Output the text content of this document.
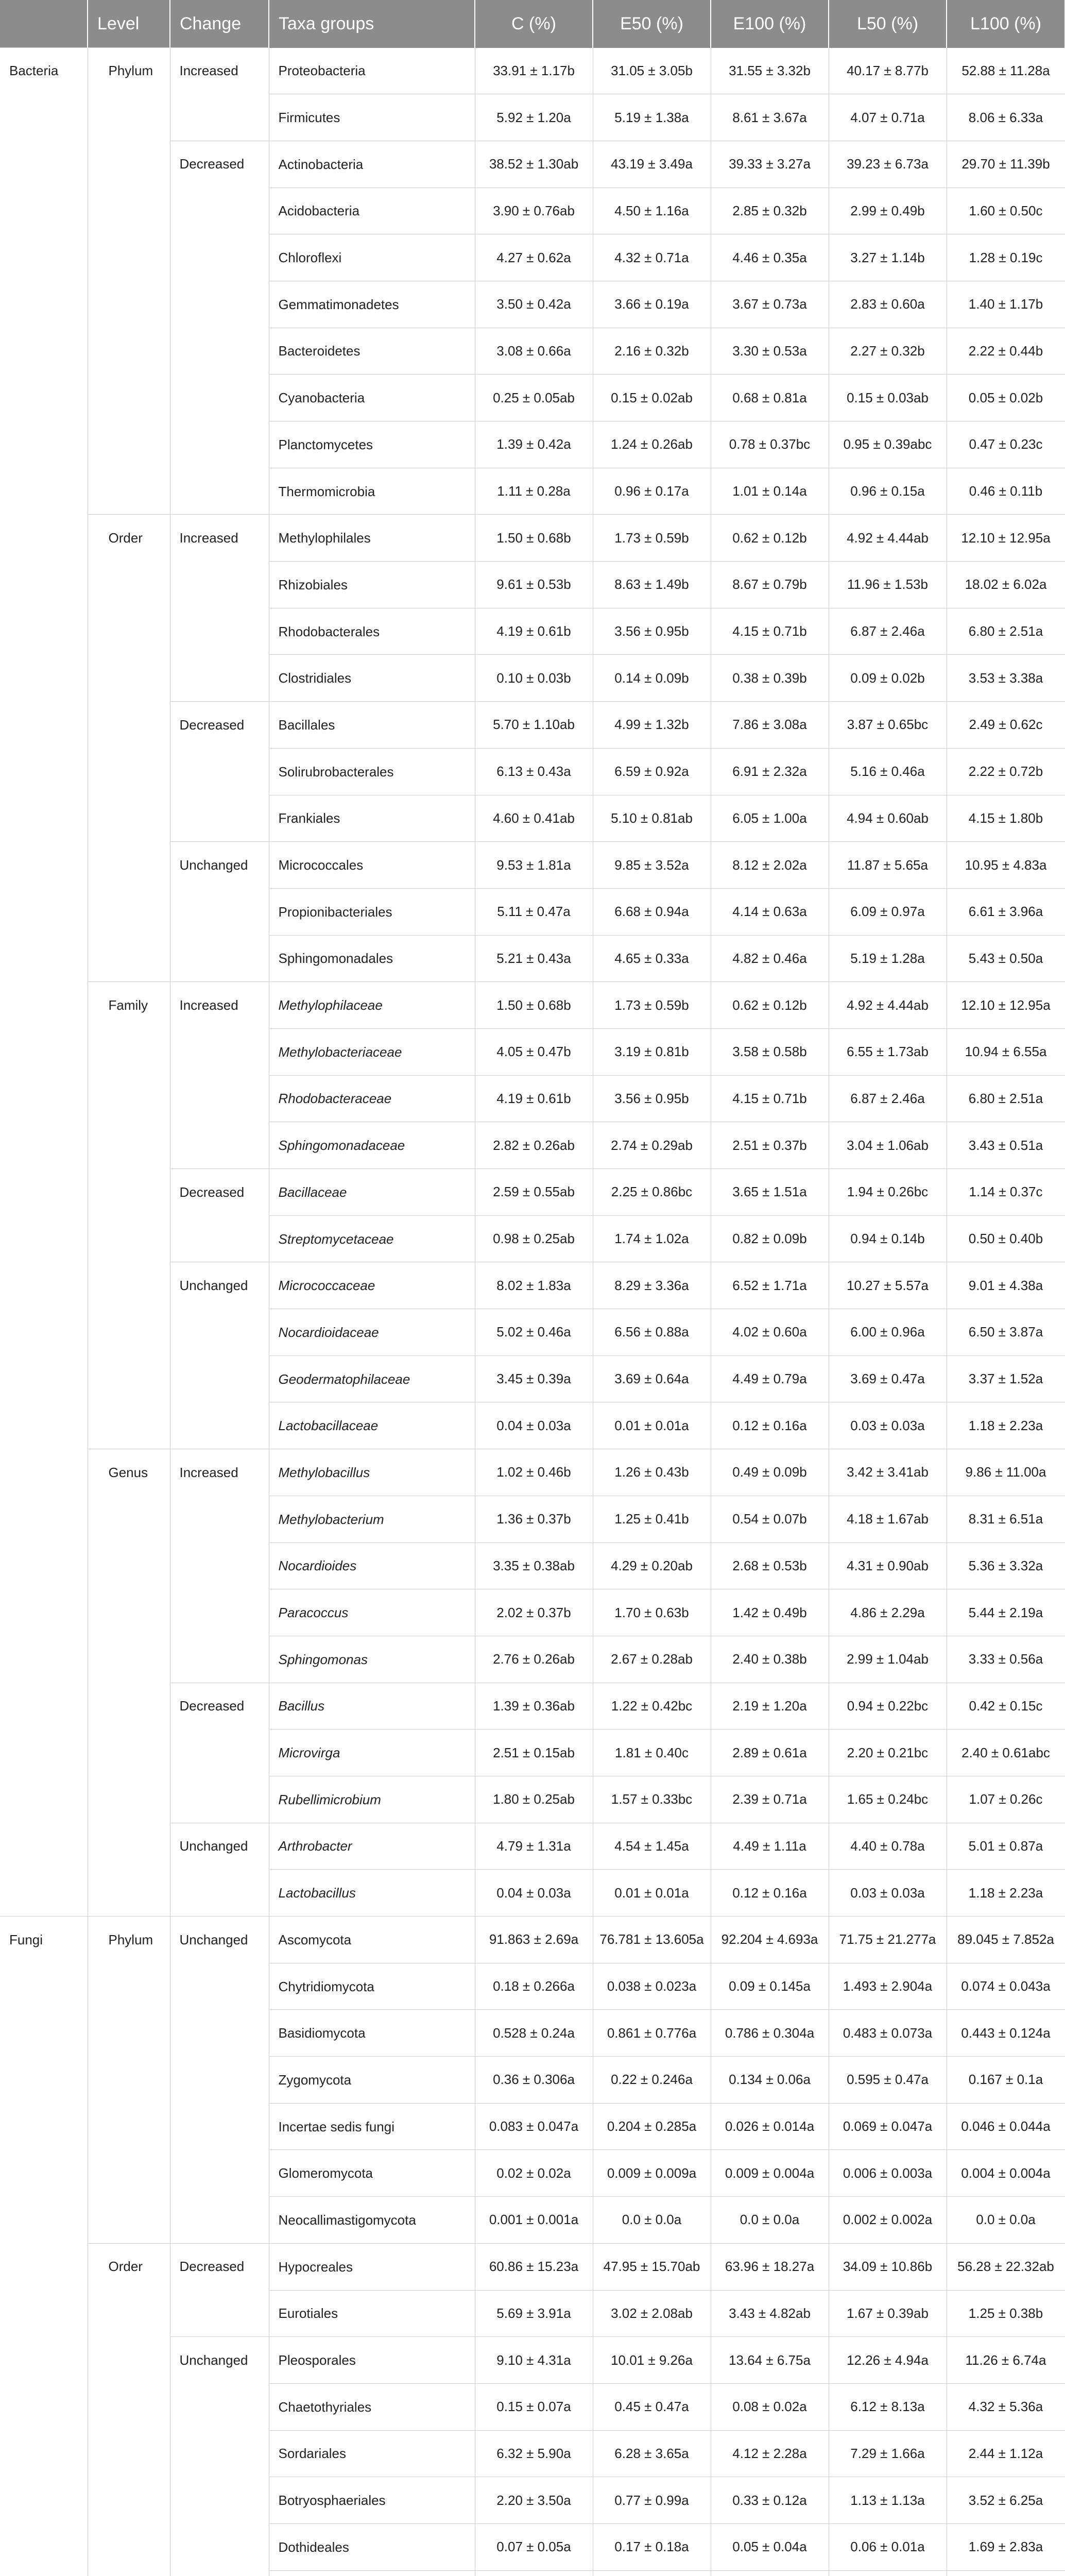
	Level	Change	Taxa groups	C (%)	E50 (%)	E100 (%)	L50 (%)	L100 (%)
Bacteria	Phylum	Increased	Proteobacteria	33.91 ± 1.17b	31.05 ± 3.05b	31.55 ± 3.32b	40.17 ± 8.77b	52.88 ± 11.28a
			Firmicutes	5.92 ± 1.20a	5.19 ± 1.38a	8.61 ± 3.67a	4.07 ± 0.71a	8.06 ± 6.33a
		Decreased	Actinobacteria	38.52 ± 1.30ab	43.19 ± 3.49a	39.33 ± 3.27a	39.23 ± 6.73a	29.70 ± 11.39b
			Acidobacteria	3.90 ± 0.76ab	4.50 ± 1.16a	2.85 ± 0.32b	2.99 ± 0.49b	1.60 ± 0.50c
			Chloroflexi	4.27 ± 0.62a	4.32 ± 0.71a	4.46 ± 0.35a	3.27 ± 1.14b	1.28 ± 0.19c
			Gemmatimonadetes	3.50 ± 0.42a	3.66 ± 0.19a	3.67 ± 0.73a	2.83 ± 0.60a	1.40 ± 1.17b
			Bacteroidetes	3.08 ± 0.66a	2.16 ± 0.32b	3.30 ± 0.53a	2.27 ± 0.32b	2.22 ± 0.44b
			Cyanobacteria	0.25 ± 0.05ab	0.15 ± 0.02ab	0.68 ± 0.81a	0.15 ± 0.03ab	0.05 ± 0.02b
			Planctomycetes	1.39 ± 0.42a	1.24 ± 0.26ab	0.78 ± 0.37bc	0.95 ± 0.39abc	0.47 ± 0.23c
			Thermomicrobia	1.11 ± 0.28a	0.96 ± 0.17a	1.01 ± 0.14a	0.96 ± 0.15a	0.46 ± 0.11b
	Order	Increased	Methylophilales	1.50 ± 0.68b	1.73 ± 0.59b	0.62 ± 0.12b	4.92 ± 4.44ab	12.10 ± 12.95a
			Rhizobiales	9.61 ± 0.53b	8.63 ± 1.49b	8.67 ± 0.79b	11.96 ± 1.53b	18.02 ± 6.02a
			Rhodobacterales	4.19 ± 0.61b	3.56 ± 0.95b	4.15 ± 0.71b	6.87 ± 2.46a	6.80 ± 2.51a
			Clostridiales	0.10 ± 0.03b	0.14 ± 0.09b	0.38 ± 0.39b	0.09 ± 0.02b	3.53 ± 3.38a
		Decreased	Bacillales	5.70 ± 1.10ab	4.99 ± 1.32b	7.86 ± 3.08a	3.87 ± 0.65bc	2.49 ± 0.62c
			Solirubrobacterales	6.13 ± 0.43a	6.59 ± 0.92a	6.91 ± 2.32a	5.16 ± 0.46a	2.22 ± 0.72b
			Frankiales	4.60 ± 0.41ab	5.10 ± 0.81ab	6.05 ± 1.00a	4.94 ± 0.60ab	4.15 ± 1.80b
		Unchanged	Micrococcales	9.53 ± 1.81a	9.85 ± 3.52a	8.12 ± 2.02a	11.87 ± 5.65a	10.95 ± 4.83a
			Propionibacteriales	5.11 ± 0.47a	6.68 ± 0.94a	4.14 ± 0.63a	6.09 ± 0.97a	6.61 ± 3.96a
			Sphingomonadales	5.21 ± 0.43a	4.65 ± 0.33a	4.82 ± 0.46a	5.19 ± 1.28a	5.43 ± 0.50a
	Family	Increased	Methylophilaceae	1.50 ± 0.68b	1.73 ± 0.59b	0.62 ± 0.12b	4.92 ± 4.44ab	12.10 ± 12.95a
			Methylobacteriaceae	4.05 ± 0.47b	3.19 ± 0.81b	3.58 ± 0.58b	6.55 ± 1.73ab	10.94 ± 6.55a
			Rhodobacteraceae	4.19 ± 0.61b	3.56 ± 0.95b	4.15 ± 0.71b	6.87 ± 2.46a	6.80 ± 2.51a
			Sphingomonadaceae	2.82 ± 0.26ab	2.74 ± 0.29ab	2.51 ± 0.37b	3.04 ± 1.06ab	3.43 ± 0.51a
		Decreased	Bacillaceae	2.59 ± 0.55ab	2.25 ± 0.86bc	3.65 ± 1.51a	1.94 ± 0.26bc	1.14 ± 0.37c
			Streptomycetaceae	0.98 ± 0.25ab	1.74 ± 1.02a	0.82 ± 0.09b	0.94 ± 0.14b	0.50 ± 0.40b
		Unchanged	Micrococcaceae	8.02 ± 1.83a	8.29 ± 3.36a	6.52 ± 1.71a	10.27 ± 5.57a	9.01 ± 4.38a
			Nocardioidaceae	5.02 ± 0.46a	6.56 ± 0.88a	4.02 ± 0.60a	6.00 ± 0.96a	6.50 ± 3.87a
			Geodermatophilaceae	3.45 ± 0.39a	3.69 ± 0.64a	4.49 ± 0.79a	3.69 ± 0.47a	3.37 ± 1.52a
			Lactobacillaceae	0.04 ± 0.03a	0.01 ± 0.01a	0.12 ± 0.16a	0.03 ± 0.03a	1.18 ± 2.23a
	Genus	Increased	Methylobacillus	1.02 ± 0.46b	1.26 ± 0.43b	0.49 ± 0.09b	3.42 ± 3.41ab	9.86 ± 11.00a
			Methylobacterium	1.36 ± 0.37b	1.25 ± 0.41b	0.54 ± 0.07b	4.18 ± 1.67ab	8.31 ± 6.51a
			Nocardioides	3.35 ± 0.38ab	4.29 ± 0.20ab	2.68 ± 0.53b	4.31 ± 0.90ab	5.36 ± 3.32a
			Paracoccus	2.02 ± 0.37b	1.70 ± 0.63b	1.42 ± 0.49b	4.86 ± 2.29a	5.44 ± 2.19a
			Sphingomonas	2.76 ± 0.26ab	2.67 ± 0.28ab	2.40 ± 0.38b	2.99 ± 1.04ab	3.33 ± 0.56a
		Decreased	Bacillus	1.39 ± 0.36ab	1.22 ± 0.42bc	2.19 ± 1.20a	0.94 ± 0.22bc	0.42 ± 0.15c
			Microvirga	2.51 ± 0.15ab	1.81 ± 0.40c	2.89 ± 0.61a	2.20 ± 0.21bc	2.40 ± 0.61abc
			Rubellimicrobium	1.80 ± 0.25ab	1.57 ± 0.33bc	2.39 ± 0.71a	1.65 ± 0.24bc	1.07 ± 0.26c
		Unchanged	Arthrobacter	4.79 ± 1.31a	4.54 ± 1.45a	4.49 ± 1.11a	4.40 ± 0.78a	5.01 ± 0.87a
			Lactobacillus	0.04 ± 0.03a	0.01 ± 0.01a	0.12 ± 0.16a	0.03 ± 0.03a	1.18 ± 2.23a
Fungi	Phylum	Unchanged	Ascomycota	91.863 ± 2.69a	76.781 ± 13.605a	92.204 ± 4.693a	71.75 ± 21.277a	89.045 ± 7.852a
			Chytridiomycota	0.18 ± 0.266a	0.038 ± 0.023a	0.09 ± 0.145a	1.493 ± 2.904a	0.074 ± 0.043a
			Basidiomycota	0.528 ± 0.24a	0.861 ± 0.776a	0.786 ± 0.304a	0.483 ± 0.073a	0.443 ± 0.124a
			Zygomycota	0.36 ± 0.306a	0.22 ± 0.246a	0.134 ± 0.06a	0.595 ± 0.47a	0.167 ± 0.1a
			Incertae sedis fungi	0.083 ± 0.047a	0.204 ± 0.285a	0.026 ± 0.014a	0.069 ± 0.047a	0.046 ± 0.044a
			Glomeromycota	0.02 ± 0.02a	0.009 ± 0.009a	0.009 ± 0.004a	0.006 ± 0.003a	0.004 ± 0.004a
			Neocallimastigomycota	0.001 ± 0.001a	0.0 ± 0.0a	0.0 ± 0.0a	0.002 ± 0.002a	0.0 ± 0.0a
	Order	Decreased	Hypocreales	60.86 ± 15.23a	47.95 ± 15.70ab	63.96 ± 18.27a	34.09 ± 10.86b	56.28 ± 22.32ab
			Eurotiales	5.69 ± 3.91a	3.02 ± 2.08ab	3.43 ± 4.82ab	1.67 ± 0.39ab	1.25 ± 0.38b
		Unchanged	Pleosporales	9.10 ± 4.31a	10.01 ± 9.26a	13.64 ± 6.75a	12.26 ± 4.94a	11.26 ± 6.74a
			Chaetothyriales	0.15 ± 0.07a	0.45 ± 0.47a	0.08 ± 0.02a	6.12 ± 8.13a	4.32 ± 5.36a
			Sordariales	6.32 ± 5.90a	6.28 ± 3.65a	4.12 ± 2.28a	7.29 ± 1.66a	2.44 ± 1.12a
			Botryosphaeriales	2.20 ± 3.50a	0.77 ± 0.99a	0.33 ± 0.12a	1.13 ± 1.13a	3.52 ± 6.25a
			Dothideales	0.07 ± 0.05a	0.17 ± 0.18a	0.05 ± 0.04a	0.06 ± 0.01a	1.69 ± 2.83a
